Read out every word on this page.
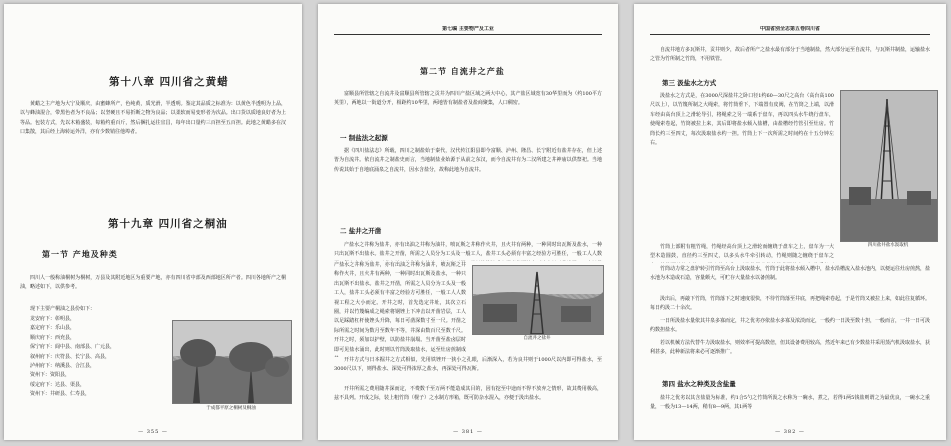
第十八章 四川省之黄蜡

黄蜡之主产地为大宁及顺庆，由蜜蜂所产，色纯黄，质光滑，半透明。鉴定其品质之标准为：以黄色半透明为上品，以与蜂油混合，带黑色者为不良品；以坚硬且不易折断之物为良品；以柔软而易变形者为次品。出口货以质地良好者为上等品。包装方式，先以木箱盛装，每箱约重百斤，然后捆扎运往宜昌，每年出口量约三百担至五百担。此地之黄蜡多在汉口集散，其后经上海转运外洋，亦有少数销往他埠者。

第十九章 四川省之桐油
第一节 产地及种类

四川人一般称油桐树为桐树，万县及其附近地区为重要产地，亦有四川省中部及西部地区所产者。四川各地所产之桐油，略述如下，以供参考。

现下主要产桐油之县份如下：

龙安府下：彰明县，
嘉定府下：乐山县，
顺庆府下：西充县，
保宁府下：阆中县、南部县、广元县，
叙州府下：庆符县、长宁县、高县，
泸州府下：纳溪县、合江县，
资州下：资阳县，
绥定府下：达县、渠县，
资州下：井研县、仁寿县，
于成都平原之桐树及桐油
— 355 —
第七编 主要物产及工业
第二节 自流井之产盐

富顺县所管辖之自流井及富顺县所管辖之贡井为四川产盐区域之两大中心，其产盐区域宽有30华里而为（约100平方英里），两地以一街道分开，相距约10华里，两地皆有制盐者及盐商聚集，人口稠密。

一 制盐法之起源

据《四川盐法志》所载，四川之制盐始于秦代，汉代传江阳县即今富顺、泸州、隆昌、长宁附近有盐井存在，但上述皆为自流井。依自流井之制盐史而言，当地制盐业始源于从前之东汉，而今自流井有为二汉所建之井神庙以供祭祀。当地传说其始于自地底涌泉之自流井，因水含盐分，故称此地为自流井。

二 盐井之开凿

产盐水之井称为盐井，亦有出油之井称为油井，喷瓦斯之井称作火井，且火井有两种，一种同时出瓦斯及盐水，一种只出瓦斯不出盐水。盐井之开凿，所需之人员分为工头及一般工人，盐井工头必须有丰富之经验方可胜任，一般工人人数

产盐水之井称为盐井，亦有出油之井称为油井，喷瓦斯之井称作火井，且火井有两种，一种同时出瓦斯及盐水，一种只出瓦斯不出盐水。盐井之开凿，所需之人员分为工头及一般工人，盐井工头必须有丰富之经验方可胜任，一般工人人数视工程之大小而定。开井之时，首先选定井址，其次立石圈，并以竹篾编成之绳索将钢锉上下冲击以开凿岩层，工人以足踩踏杠杆使锉头升降，每日可凿深数寸至一尺。开凿之际所需之时间为数月至数年不等，井深由数百尺至数千尺。开井之时，须加以护壁，以防盐井崩塌。当开凿至盐卤层时即可见盐水涌出，此时则以竹筒汲取盐水，运至灶房煎制成

自流井之盐井

开井方式与日本掘井之方式相似，先用铁锉开一狭小之孔眼，后渐深入，若为良井则于1000尺以内即可得盐水，至3000尺以下，则得盐水、深处可得浓厚之盐水，再深处可得瓦斯。

开井所需之费用随井深而定，不费数千至万两不能造成其目的，因有挖至中途而不得不放弃之情形，故其费用极高，兹不具列。开成之际，装上粗竹筒（枧子）之水制方形箱，既可防杂水混入，亦便于汲出盐水。

— 381 —
中国省别全志第五卷四川省

自流井地方多瓦斯井，贡井则少，故后者所产之盐水最有部分于当地制盐，然大部分运至自流井，与瓦斯井制盐，运输盐水之管为竹所制之竹筒，不用铁管。

第三 汲盐水之方式

汲盐水之方式是，在3000尺深盐井之卧口径1约60—30尺之高台（高台高100尺以上），以竹篾所制之大绳索，将竹筒垂下，下端置有皮阀，在竹筒之上端，以滑车经由高台顶上之滑轮导引，将绳索之另一端系于盘车，再以四头水牛绕行盘车，使绳索卷起，竹筒被拉上来，其后即将盐水倾入盐槽，由盐槽经竹管引至灶房。竹筒长约三至四丈，每次汲取盐水约一担。竹筒上下一次所需之时间约在十五分钟左右。

四川盐井盐水汲取机

竹筒上部附有粗竹绳，竹绳经高台顶上之滑轮而缠绕于盘车之上，盘车为一大型木造圆鼓，直径约三至四丈，以多头水牛牵引转动，竹绳则随之缠绕于盘车之

竹筒动力常之盘驴转引竹筒至高台上汲取盐水，竹筒于此将盐水倾入槽中，盐水沿槽流入盐水池内，以便运往灶房煎熬，盐水池为木造或石造，容量颇大，可贮存大量盐水以备煎制。

汲出后，再敲下竹筒，竹筒落下之时速度很快，不待竹筒落至井底，再把绳索卷起，于是竹筒又被拉上来，如此往复循环。每日约汲二十余次。

一日所汲盐水量依其井泉多寡而定，井之优劣亦依盐水多寡及浓淡而定，一般约一日汲至数十担，一般而言，一井一日可汲约数担盐水。

若以机械方法代替牛力汲取盐水，则效率可提高数倍，但其设备费用较高，然近年来已有少数盐井采用蒸汽机汲取盐水，获利甚多，此种新法将来必可逐渐推广。

第四 盐水之种类及含盐量

盐井之优劣以其含盐量为标准，约1合5勺之竹筒所汲之水称为一碗水，煮之，若得1两5钱盐则谓之为最优良，一碗水之重量，一般为13—14两，稍有8—9两，其1两等

— 382 —
